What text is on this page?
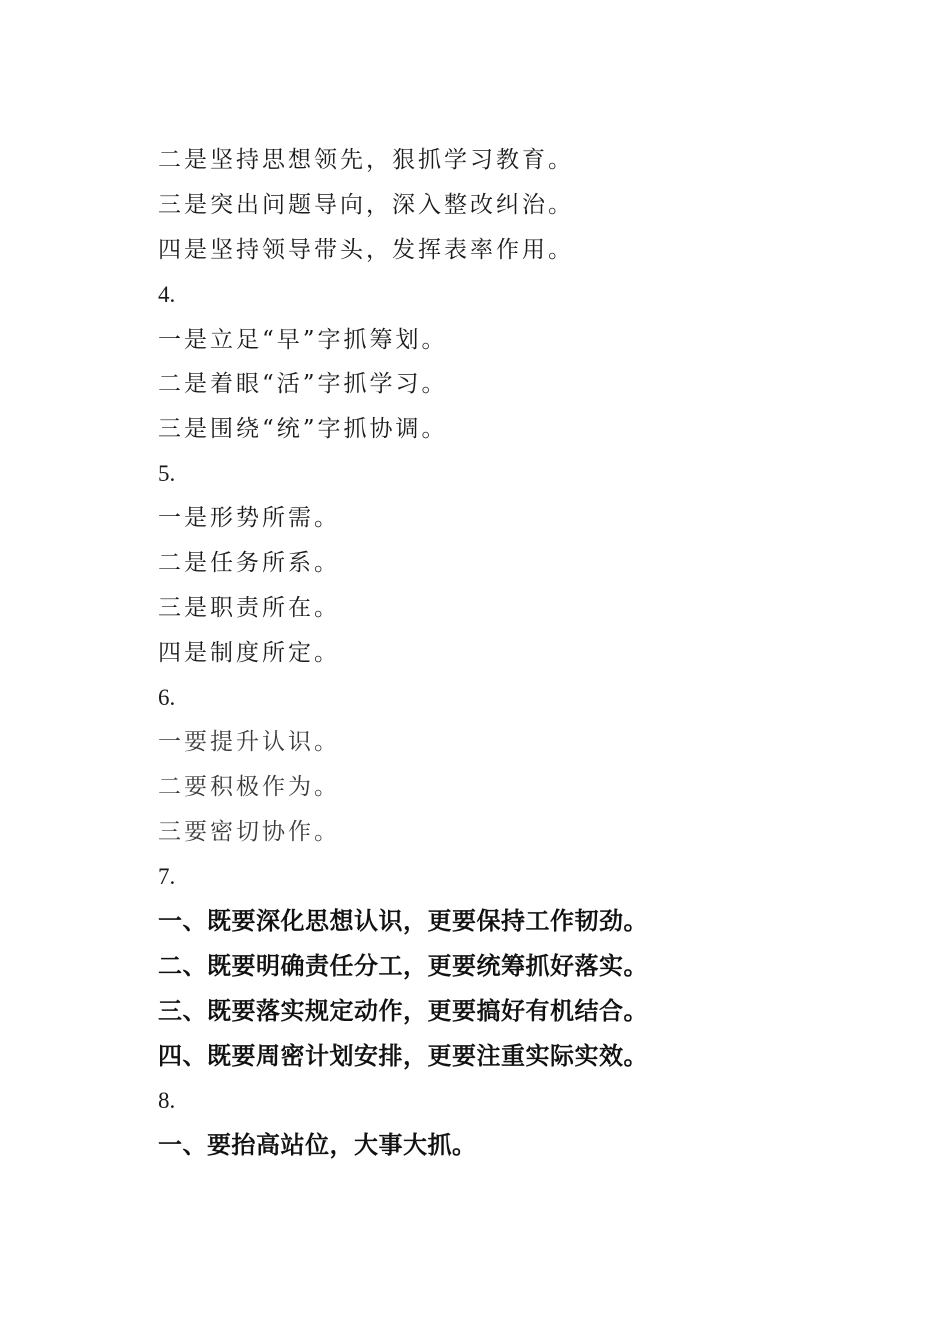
二是坚持思想领先，狠抓学习教育。
三是突出问题导向，深入整改纠治。
四是坚持领导带头，发挥表率作用。
4.
一是立足“早”字抓筹划。
二是着眼“活”字抓学习。
三是围绕“统”字抓协调。
5.
一是形势所需。
二是任务所系。
三是职责所在。
四是制度所定。
6.
一要提升认识。
二要积极作为。
三要密切协作。
7.
一、既要深化思想认识，更要保持工作韧劲。
二、既要明确责任分工，更要统筹抓好落实。
三、既要落实规定动作，更要搞好有机结合。
四、既要周密计划安排，更要注重实际实效。
8.
一、要抬高站位，大事大抓。
